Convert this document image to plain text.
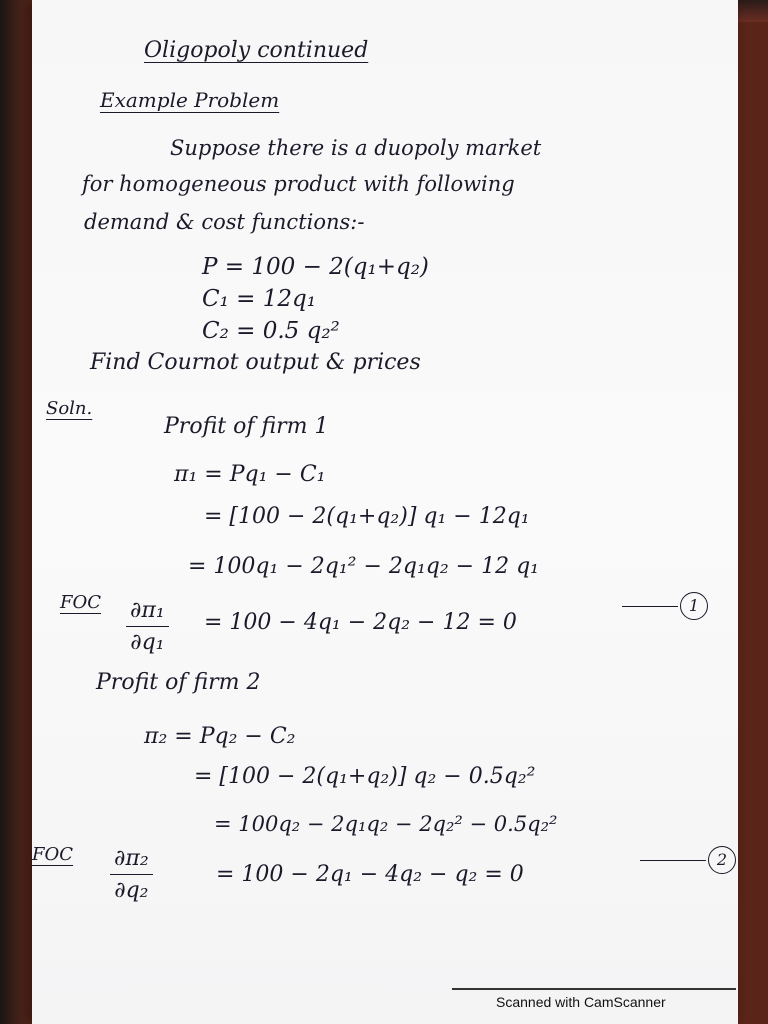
Oligopoly continued

Example Problem

Suppose there is a duopoly market

for homogeneous product with following

demand & cost functions:-

P = 100 − 2(q₁+q₂)

C₁ = 12q₁

C₂ = 0.5 q₂²

Find Cournot output & prices

Soln.

Profit of firm 1

π₁ = Pq₁ − C₁

= [100 − 2(q₁+q₂)] q₁ − 12q₁

= 100q₁ − 2q₁² − 2q₁q₂ − 12 q₁

FOC ∂π₁
∂q₁

= 100 − 4q₁ − 2q₂ − 12 = 0

1

Profit of firm 2

π₂ = Pq₂ − C₂

= [100 − 2(q₁+q₂)] q₂ − 0.5q₂²

= 100q₂ − 2q₁q₂ − 2q₂² − 0.5q₂²

FOC ∂π₂
∂q₂

= 100 − 2q₁ − 4q₂ − q₂ = 0

2
Scanned with CamScanner
